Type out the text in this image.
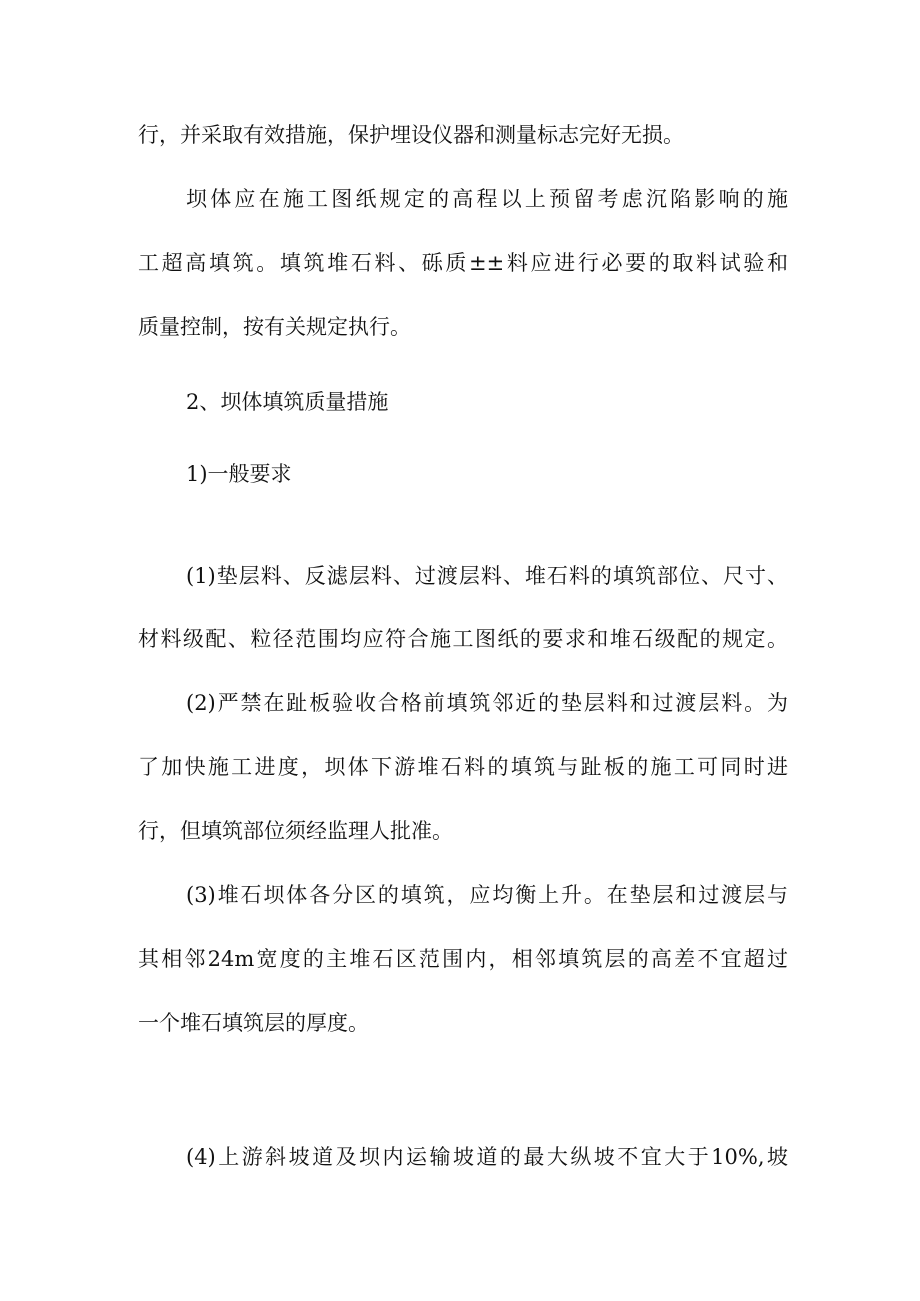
行，并采取有效措施，保护埋设仪器和测量标志完好无损。
坝体应在施工图纸规定的高程以上预留考虑沉陷影响的施
工超高填筑。填筑堆石料、砾质±±料应进行必要的取料试验和
质量控制，按有关规定执行。
2、坝体填筑质量措施
1)一般要求
(1)垫层料、反滤层料、过渡层料、堆石料的填筑部位、尺寸、
材料级配、粒径范围均应符合施工图纸的要求和堆石级配的规定。
(2)严禁在趾板验收合格前填筑邻近的垫层料和过渡层料。为
了加快施工进度，坝体下游堆石料的填筑与趾板的施工可同时进
行，但填筑部位须经监理人批准。
(3)堆石坝体各分区的填筑，应均衡上升。在垫层和过渡层与
其相邻24m宽度的主堆石区范围内，相邻填筑层的高差不宜超过
一个堆石填筑层的厚度。
(4)上游斜坡道及坝内运输坡道的最大纵坡不宜大于10%,坡
